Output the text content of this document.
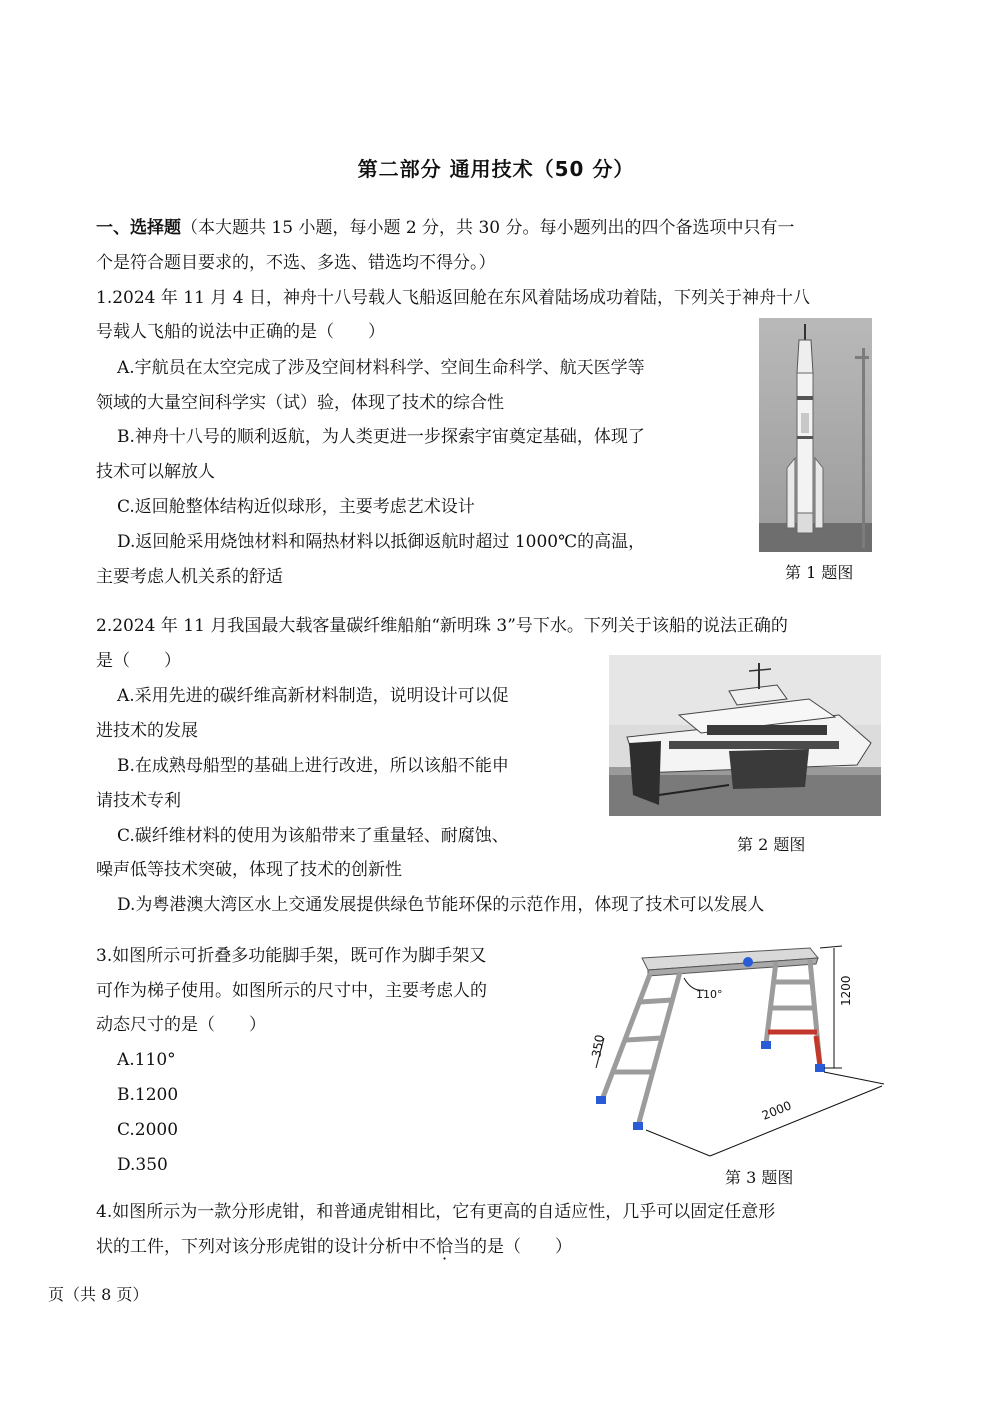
第二部分 通用技术（50 分）
一、选择题（本大题共 15 小题，每小题 2 分，共 30 分。每小题列出的四个备选项中只有一
个是符合题目要求的，不选、多选、错选均不得分。）
1.2024 年 11 月 4 日，神舟十八号载人飞船返回舱在东风着陆场成功着陆，下列关于神舟十八
号载人飞船的说法中正确的是（　　）
A.宇航员在太空完成了涉及空间材料科学、空间生命科学、航天医学等
领域的大量空间科学实（试）验，体现了技术的综合性
B.神舟十八号的顺利返航，为人类更进一步探索宇宙奠定基础，体现了
技术可以解放人
C.返回舱整体结构近似球形，主要考虑艺术设计
D.返回舱采用烧蚀材料和隔热材料以抵御返航时超过 1000℃的高温，
主要考虑人机关系的舒适	第 1 题图
2.2024 年 11 月我国最大载客量碳纤维船舶“新明珠 3”号下水。下列关于该船的说法正确的
是（　　）
A.采用先进的碳纤维高新材料制造，说明设计可以促
进技术的发展
B.在成熟母船型的基础上进行改进，所以该船不能申
请技术专利
C.碳纤维材料的使用为该船带来了重量轻、耐腐蚀、
噪声低等技术突破，体现了技术的创新性
D.为粤港澳大湾区水上交通发展提供绿色节能环保的示范作用，体现了技术可以发展人
第 2 题图
3.如图所示可折叠多功能脚手架，既可作为脚手架又
可作为梯子使用。如图所示的尺寸中，主要考虑人的
动态尺寸的是（　　）
A.110°
B.1200
C.2000
D.350
110°	1200
350
2000
第 3 题图
4.如图所示为一款分形虎钳，和普通虎钳相比，它有更高的自适应性，几乎可以固定任意形
状的工件，下列对该分形虎钳的设计分析中不恰当的是（　　）
页（共 8 页）
